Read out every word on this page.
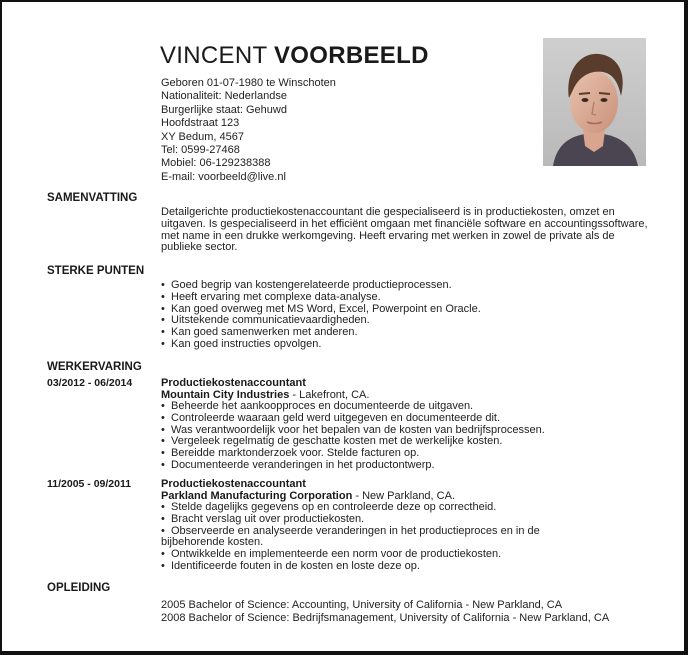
VINCENT VOORBEELD
Geboren 01-07-1980 te Winschoten
Nationaliteit: Nederlandse
Burgerlijke staat: Gehuwd
Hoofdstraat 123
XY Bedum, 4567
Tel: 0599-27468
Mobiel: 06-129238388
E-mail: voorbeeld@live.nl
SAMENVATTING
Detailgerichte productiekostenaccountant die gespecialiseerd is in productiekosten, omzet en uitgaven. Is gespecialiseerd in het efficiënt omgaan met financiële software en accountingssoftware, met name in een drukke werkomgeving. Heeft ervaring met werken in zowel de private als de publieke sector.
STERKE PUNTEN
• Goed begrip van kostengerelateerde productieprocessen.
• Heeft ervaring met complexe data-analyse.
• Kan goed overweg met MS Word, Excel, Powerpoint en Oracle.
• Uitstekende communicatievaardigheden.
• Kan goed samenwerken met anderen.
• Kan goed instructies opvolgen.
WERKERVARING
03/2012 - 06/2014	Productiekostenaccountant
Mountain City Industries - Lakefront, CA.
• Beheerde het aankoopproces en documenteerde de uitgaven.
• Controleerde waaraan geld werd uitgegeven en documenteerde dit.
• Was verantwoordelijk voor het bepalen van de kosten van bedrijfsprocessen.
• Vergeleek regelmatig de geschatte kosten met de werkelijke kosten.
• Bereidde marktonderzoek voor. Stelde facturen op.
• Documenteerde veranderingen in het productontwerp.
11/2005 - 09/2011	Productiekostenaccountant
Parkland Manufacturing Corporation - New Parkland, CA.
• Stelde dagelijks gegevens op en controleerde deze op correctheid.
• Bracht verslag uit over productiekosten.
• Observeerde en analyseerde veranderingen in het productieproces en in de bijbehorende kosten.
• Ontwikkelde en implementeerde een norm voor de productiekosten.
• Identificeerde fouten in de kosten en loste deze op.
OPLEIDING
2005 Bachelor of Science: Accounting, University of California - New Parkland, CA
2008 Bachelor of Science: Bedrijfsmanagement, University of California - New Parkland, CA
